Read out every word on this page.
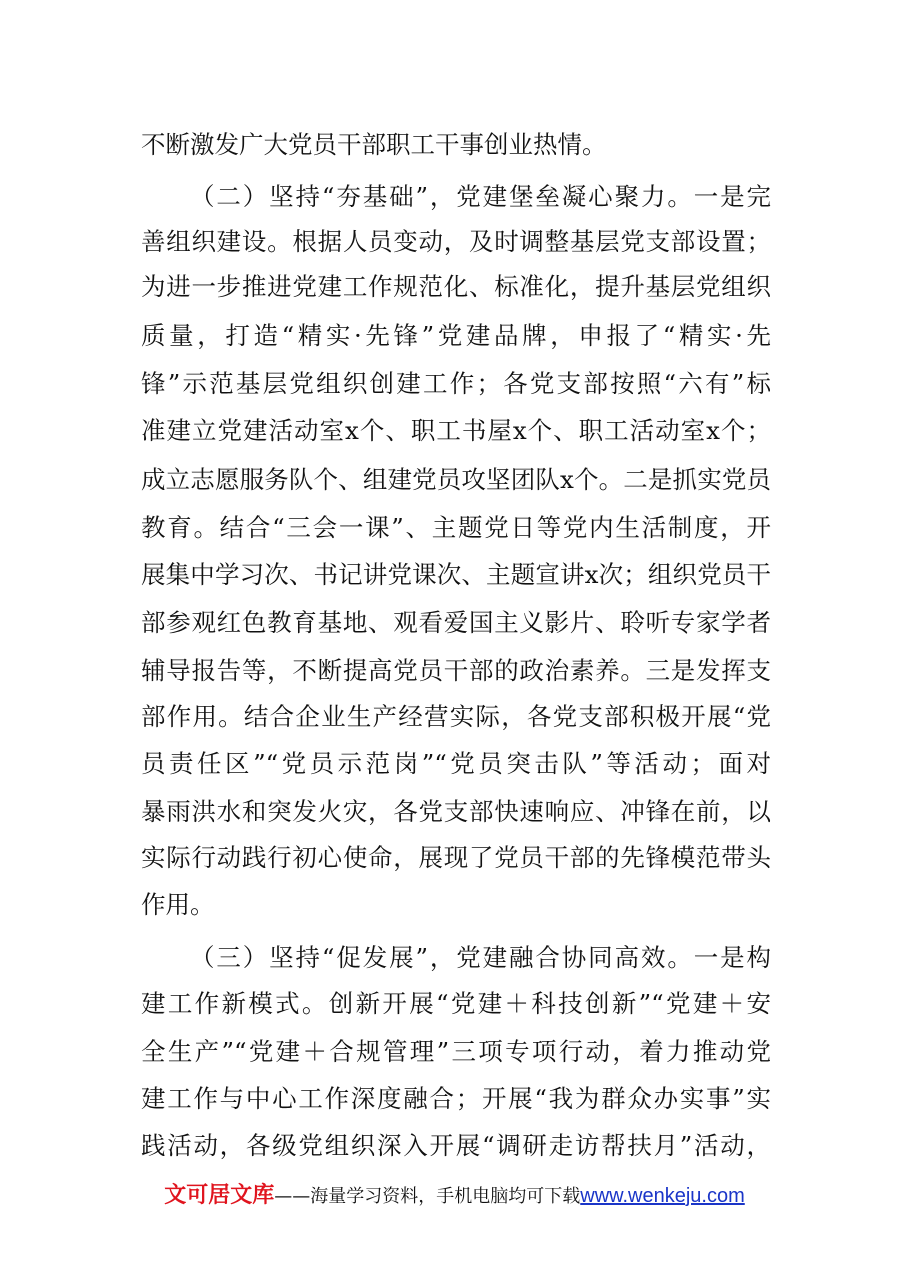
不断激发广大党员干部职工干事创业热情。
（二）坚持“夯基础”，党建堡垒凝心聚力。一是完
善组织建设。根据人员变动，及时调整基层党支部设置；
为进一步推进党建工作规范化、标准化，提升基层党组织
质量，打造“精实·先锋”党建品牌，申报了“精实·先
锋”示范基层党组织创建工作；各党支部按照“六有”标
准建立党建活动室x个、职工书屋x个、职工活动室x个；
成立志愿服务队个、组建党员攻坚团队x个。二是抓实党员
教育。结合“三会一课”、主题党日等党内生活制度，开
展集中学习次、书记讲党课次、主题宣讲x次；组织党员干
部参观红色教育基地、观看爱国主义影片、聆听专家学者
辅导报告等，不断提高党员干部的政治素养。三是发挥支
部作用。结合企业生产经营实际，各党支部积极开展“党
员责任区”“党员示范岗”“党员突击队”等活动；面对
暴雨洪水和突发火灾，各党支部快速响应、冲锋在前，以
实际行动践行初心使命，展现了党员干部的先锋模范带头
作用。
（三）坚持“促发展”，党建融合协同高效。一是构
建工作新模式。创新开展“党建＋科技创新”“党建＋安
全生产”“党建＋合规管理”三项专项行动，着力推动党
建工作与中心工作深度融合；开展“我为群众办实事”实
践活动，各级党组织深入开展“调研走访帮扶月”活动，
文可居文库——海量学习资料，手机电脑均可下载www.wenkeju.com
